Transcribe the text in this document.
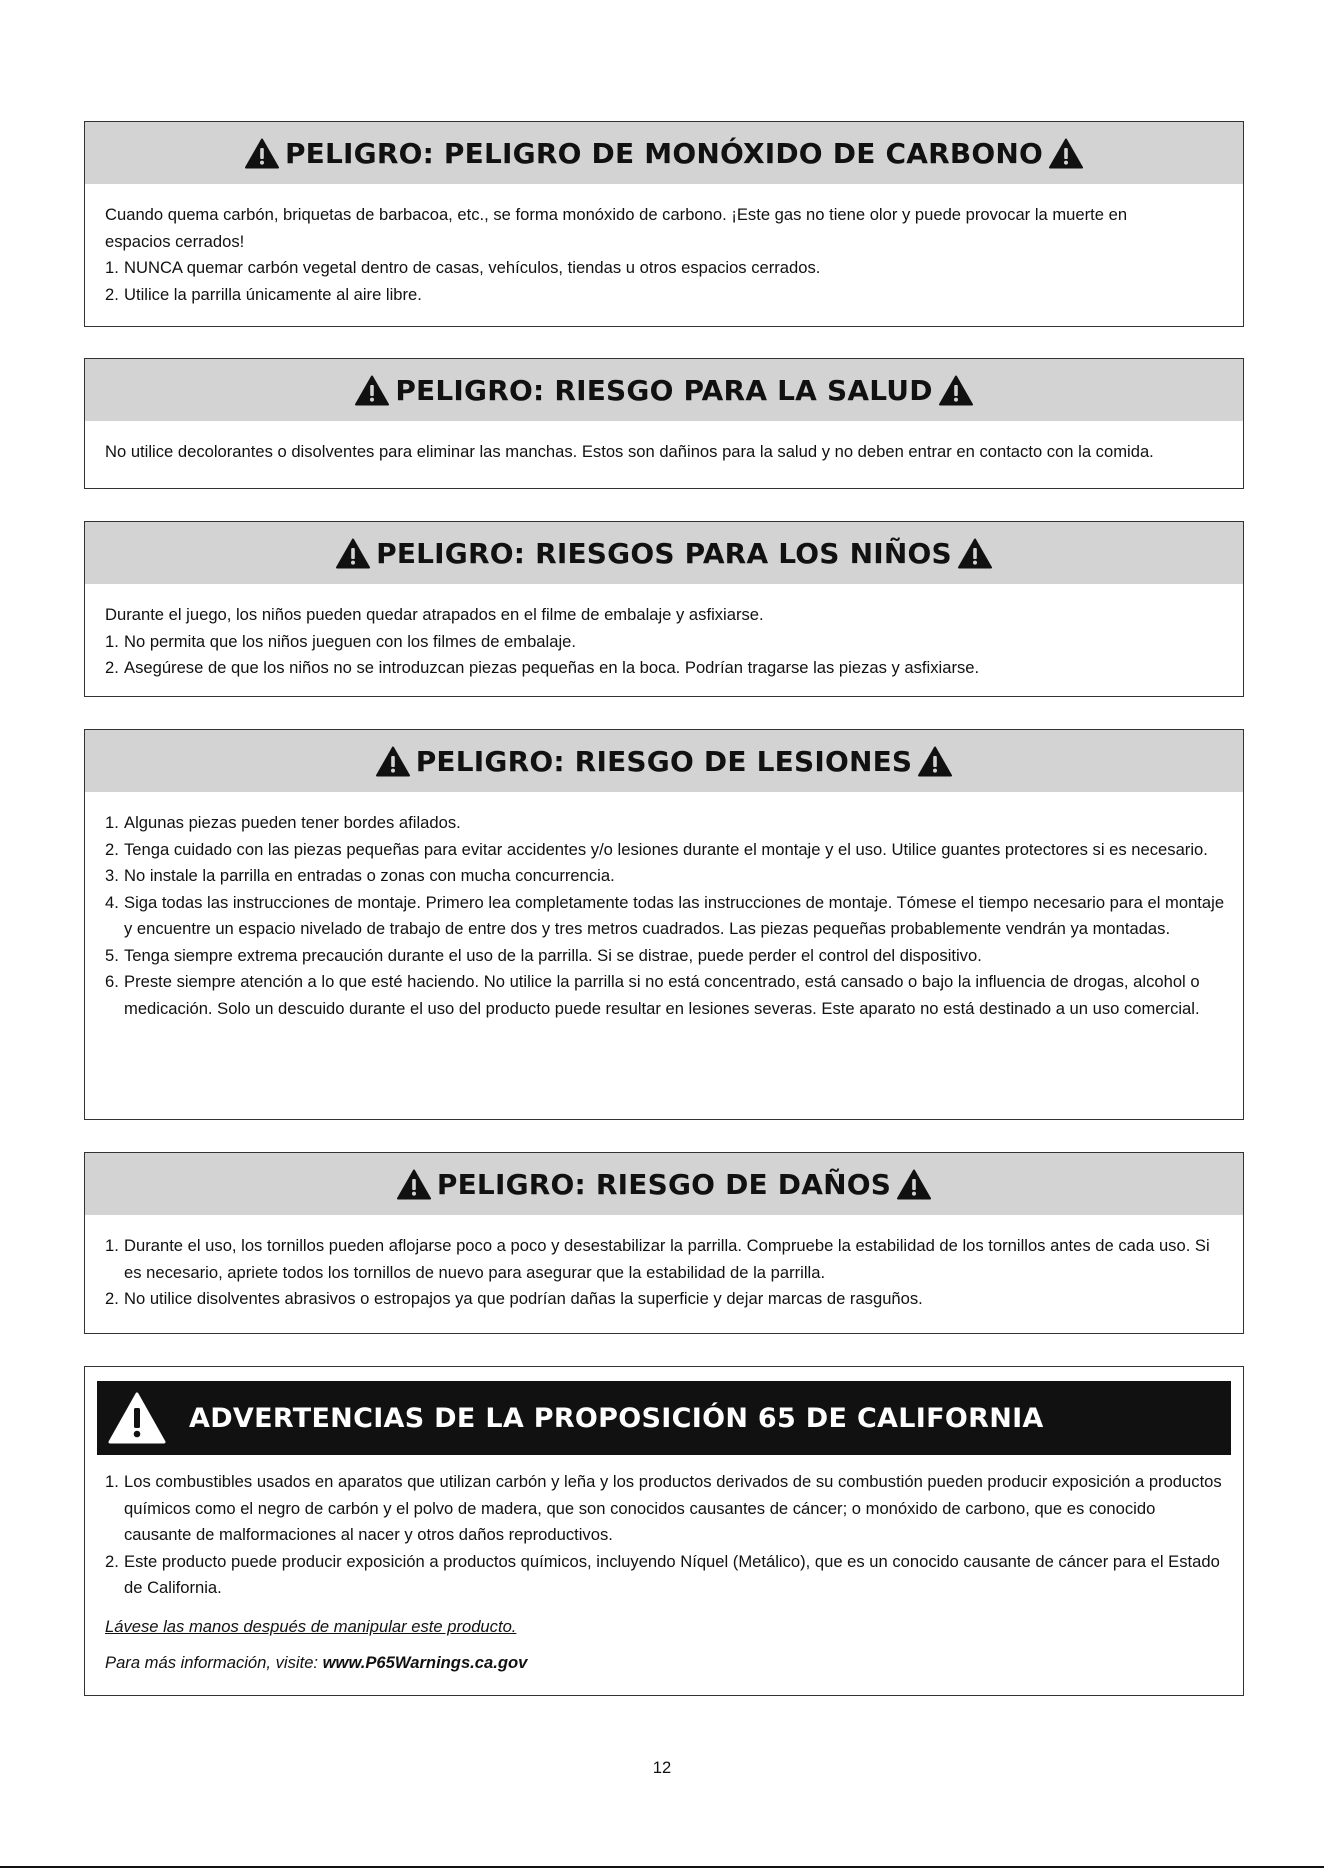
PELIGRO: PELIGRO DE MONÓXIDO DE CARBONO
Cuando quema carbón, briquetas de barbacoa, etc., se forma monóxido de carbono. ¡Este gas no tiene olor y puede provocar la muerte en
espacios cerrados!
1. NUNCA quemar carbón vegetal dentro de casas, vehículos, tiendas u otros espacios cerrados.
2. Utilice la parrilla únicamente al aire libre.
PELIGRO: RIESGO PARA LA SALUD
No utilice decolorantes o disolventes para eliminar las manchas. Estos son dañinos para la salud y no deben entrar en contacto con la comida.
PELIGRO: RIESGOS PARA LOS NIÑOS
Durante el juego, los niños pueden quedar atrapados en el filme de embalaje y asfixiarse.
1. No permita que los niños jueguen con los filmes de embalaje.
2. Asegúrese de que los niños no se introduzcan piezas pequeñas en la boca. Podrían tragarse las piezas y asfixiarse.
PELIGRO: RIESGO DE LESIONES
1. Algunas piezas pueden tener bordes afilados.
2. Tenga cuidado con las piezas pequeñas para evitar accidentes y/o lesiones durante el montaje y el uso. Utilice guantes protectores si es necesario.
3. No instale la parrilla en entradas o zonas con mucha concurrencia.
4. Siga todas las instrucciones de montaje. Primero lea completamente todas las instrucciones de montaje. Tómese el tiempo necesario para el montaje y encuentre un espacio nivelado de trabajo de entre dos y tres metros cuadrados. Las piezas pequeñas probablemente vendrán ya montadas.
5. Tenga siempre extrema precaución durante el uso de la parrilla. Si se distrae, puede perder el control del dispositivo.
6. Preste siempre atención a lo que esté haciendo. No utilice la parrilla si no está concentrado, está cansado o bajo la influencia de drogas, alcohol o medicación. Solo un descuido durante el uso del producto puede resultar en lesiones severas. Este aparato no está destinado a un uso comercial.
PELIGRO: RIESGO DE DAÑOS
1. Durante el uso, los tornillos pueden aflojarse poco a poco y desestabilizar la parrilla. Compruebe la estabilidad de los tornillos antes de cada uso. Si es necesario, apriete todos los tornillos de nuevo para asegurar que la estabilidad de la parrilla.
2. No utilice disolventes abrasivos o estropajos ya que podrían dañas la superficie y dejar marcas de rasguños.
ADVERTENCIAS DE LA PROPOSICIÓN 65 DE CALIFORNIA
1. Los combustibles usados en aparatos que utilizan carbón y leña y los productos derivados de su combustión pueden producir exposición a productos químicos como el negro de carbón y el polvo de madera, que son conocidos causantes de cáncer; o monóxido de carbono, que es conocido causante de malformaciones al nacer y otros daños reproductivos.
2. Este producto puede producir exposición a productos químicos, incluyendo Níquel (Metálico), que es un conocido causante de cáncer para el Estado de California.
Lávese las manos después de manipular este producto.
Para más información, visite: www.P65Warnings.ca.gov
12
